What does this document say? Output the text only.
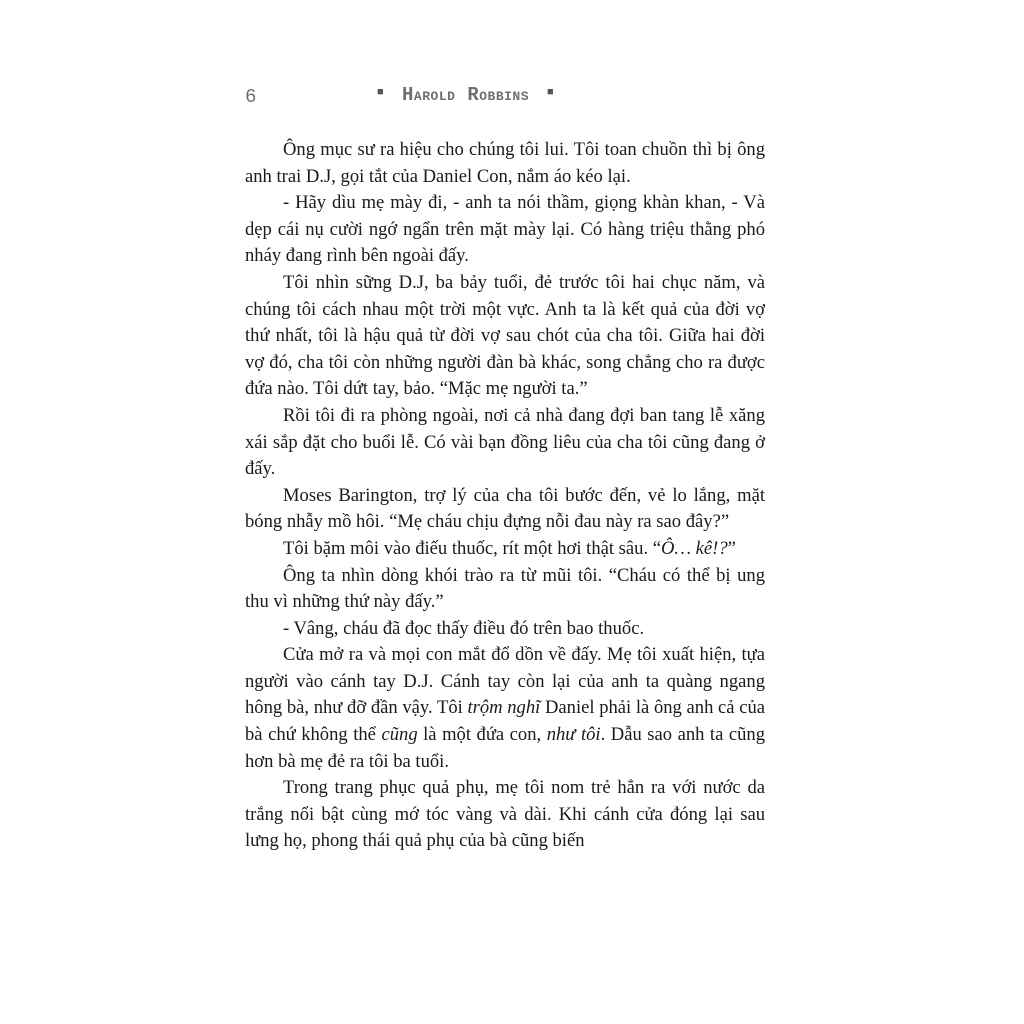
6	■ Harold Robbins ■

Ông mục sư ra hiệu cho chúng tôi lui. Tôi toan chuồn thì bị ông anh trai D.J, gọi tắt của Daniel Con, nắm áo kéo lại.

- Hãy dìu mẹ mày đi, - anh ta nói thầm, giọng khàn khan, - Và dẹp cái nụ cười ngớ ngẩn trên mặt mày lại. Có hàng triệu thằng phó nháy đang rình bên ngoài đấy.

Tôi nhìn sững D.J, ba bảy tuổi, đẻ trước tôi hai chục năm, và chúng tôi cách nhau một trời một vực. Anh ta là kết quả của đời vợ thứ nhất, tôi là hậu quả từ đời vợ sau chót của cha tôi. Giữa hai đời vợ đó, cha tôi còn những người đàn bà khác, song chẳng cho ra được đứa nào. Tôi dứt tay, bảo. “Mặc mẹ người ta.”

Rồi tôi đi ra phòng ngoài, nơi cả nhà đang đợi ban tang lễ xăng xái sắp đặt cho buổi lễ. Có vài bạn đồng liêu của cha tôi cũng đang ở đấy.

Moses Barington, trợ lý của cha tôi bước đến, vẻ lo lắng, mặt bóng nhẫy mồ hôi. “Mẹ cháu chịu đựng nỗi đau này ra sao đây?”

Tôi bặm môi vào điếu thuốc, rít một hơi thật sâu. “Ô… kê!?”

Ông ta nhìn dòng khói trào ra từ mũi tôi. “Cháu có thể bị ung thu vì những thứ này đấy.”

- Vâng, cháu đã đọc thấy điều đó trên bao thuốc.

Cửa mở ra và mọi con mắt đổ dồn về đấy. Mẹ tôi xuất hiện, tựa người vào cánh tay D.J. Cánh tay còn lại của anh ta quàng ngang hông bà, như đỡ đần vậy. Tôi trộm nghĩ Daniel phải là ông anh cả của bà chứ không thể cũng là một đứa con, như tôi. Dẫu sao anh ta cũng hơn bà mẹ đẻ ra tôi ba tuổi.

Trong trang phục quả phụ, mẹ tôi nom trẻ hẳn ra với nước da trắng nổi bật cùng mớ tóc vàng và dài. Khi cánh cửa đóng lại sau lưng họ, phong thái quả phụ của bà cũng biến
